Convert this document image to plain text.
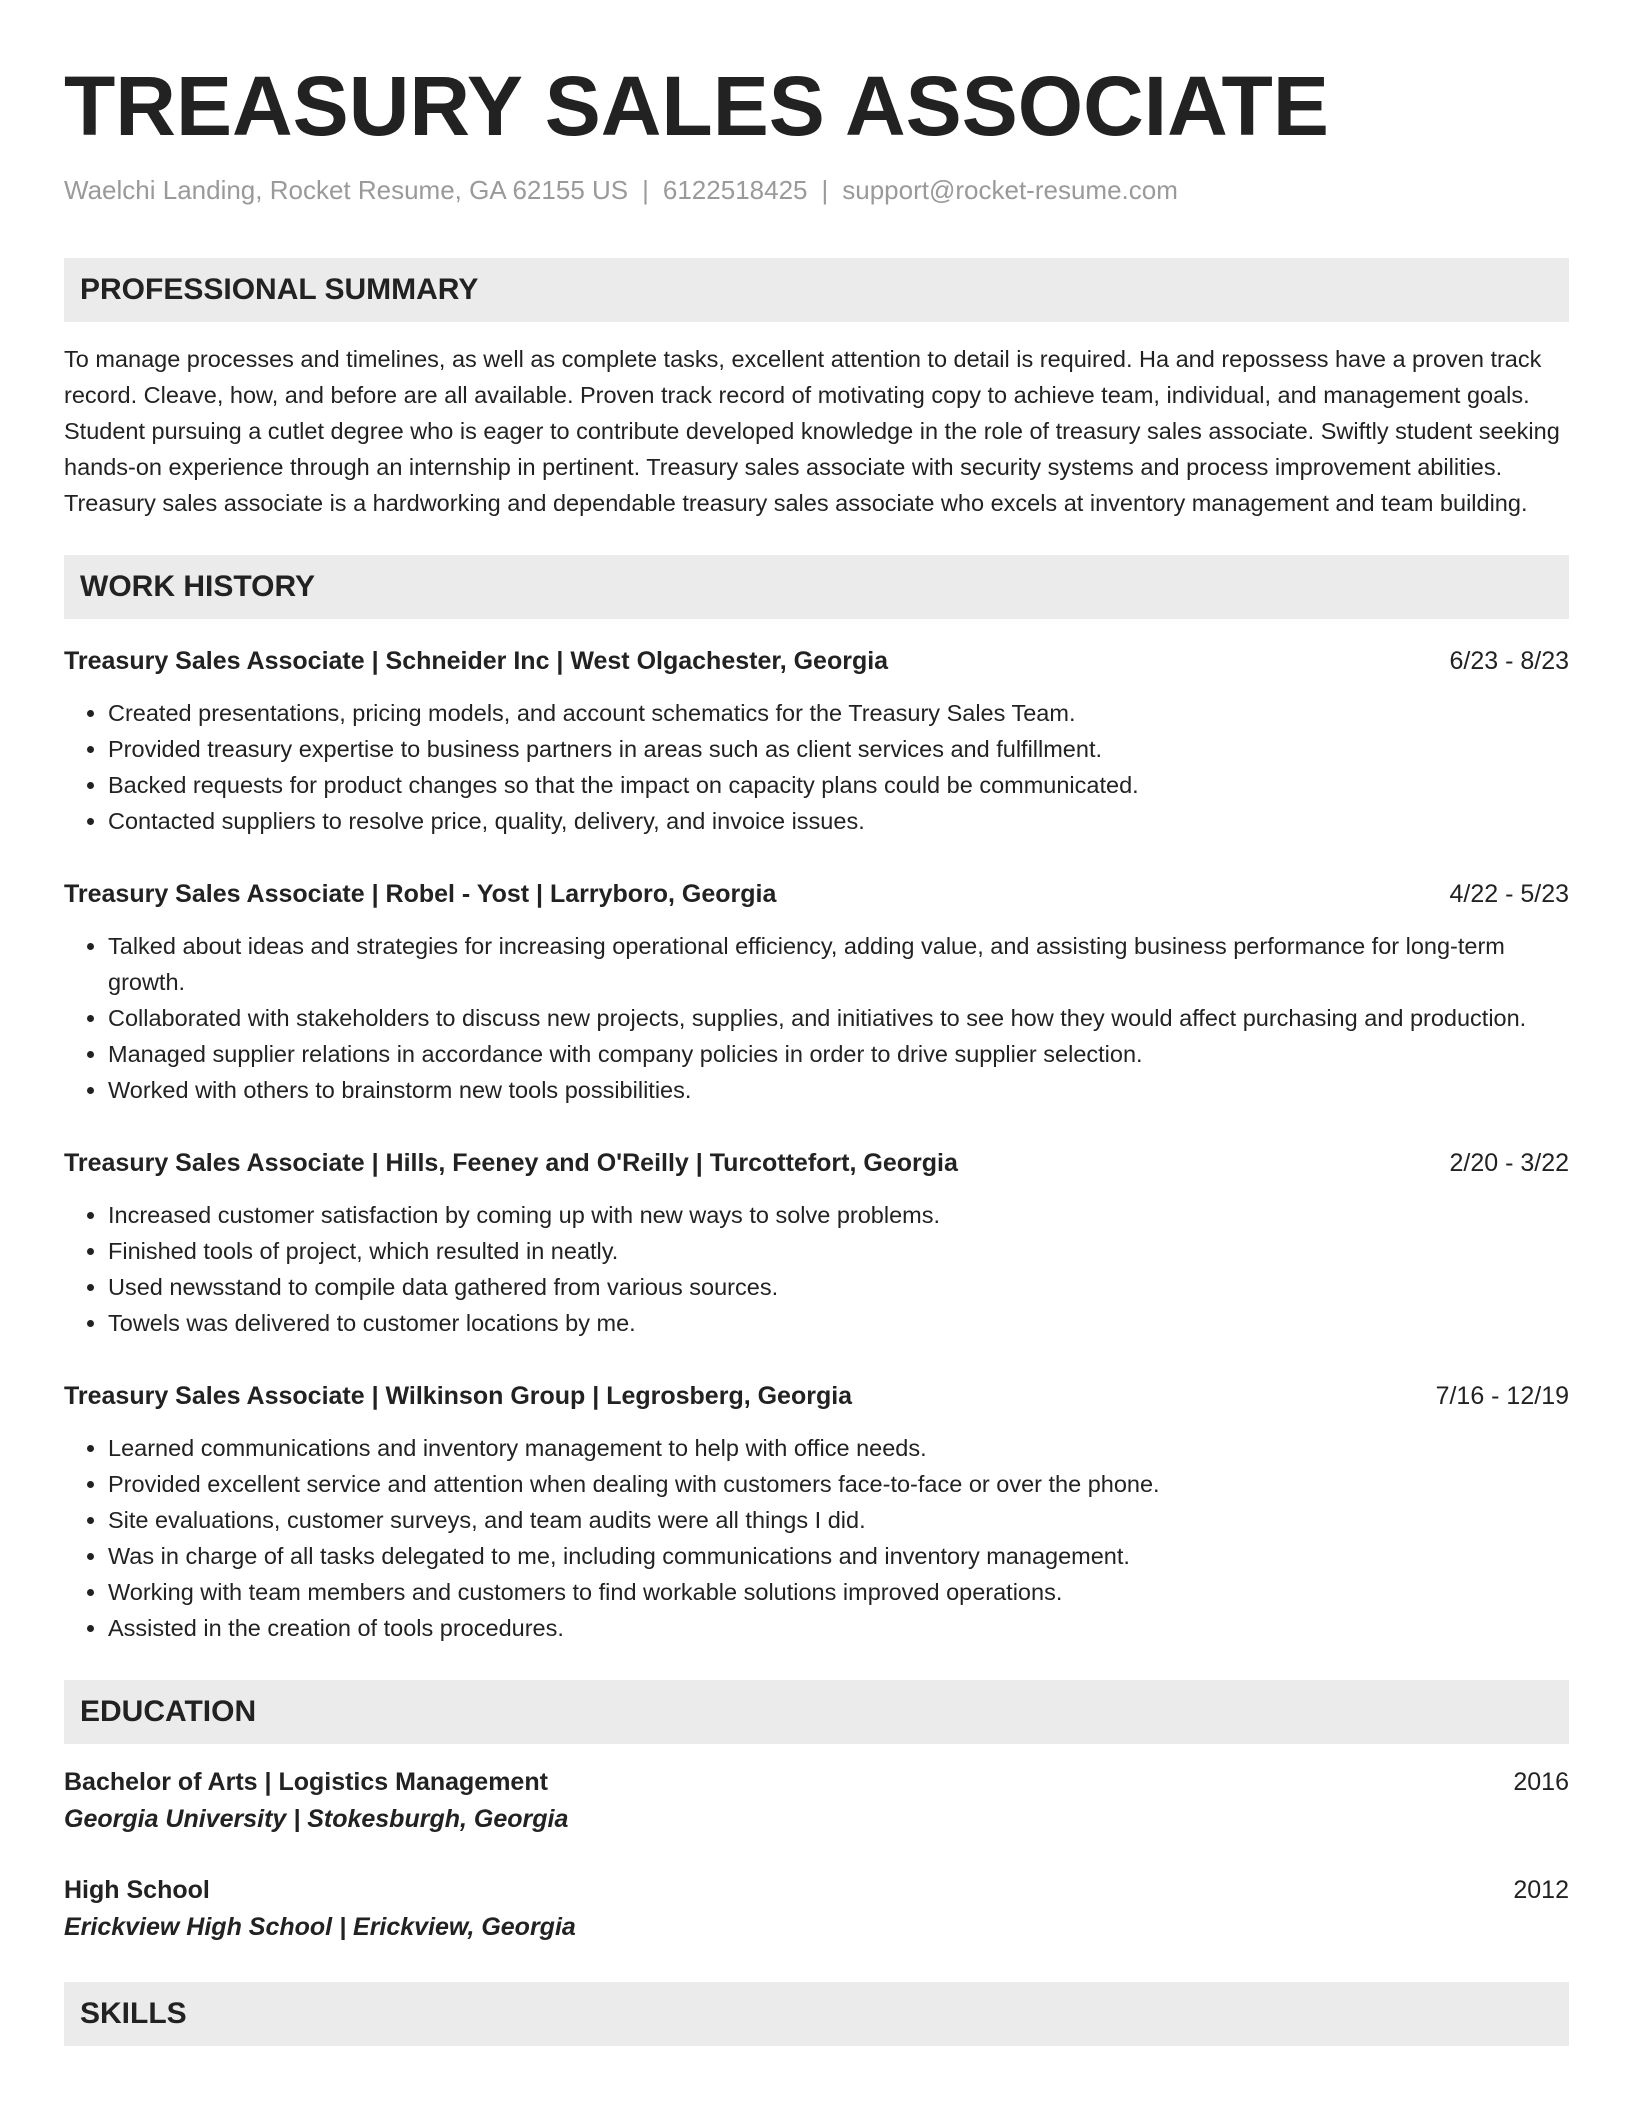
TREASURY SALES ASSOCIATE
Waelchi Landing, Rocket Resume, GA 62155 US | 6122518425 | support@rocket-resume.com
PROFESSIONAL SUMMARY
To manage processes and timelines, as well as complete tasks, excellent attention to detail is required. Ha and repossess have a proven track record. Cleave, how, and before are all available. Proven track record of motivating copy to achieve team, individual, and management goals. Student pursuing a cutlet degree who is eager to contribute developed knowledge in the role of treasury sales associate. Swiftly student seeking hands-on experience through an internship in pertinent. Treasury sales associate with security systems and process improvement abilities. Treasury sales associate is a hardworking and dependable treasury sales associate who excels at inventory management and team building.
WORK HISTORY
Treasury Sales Associate | Schneider Inc | West Olgachester, Georgia	6/23 - 8/23
• Created presentations, pricing models, and account schematics for the Treasury Sales Team.
• Provided treasury expertise to business partners in areas such as client services and fulfillment.
• Backed requests for product changes so that the impact on capacity plans could be communicated.
• Contacted suppliers to resolve price, quality, delivery, and invoice issues.
Treasury Sales Associate | Robel - Yost | Larryboro, Georgia	4/22 - 5/23
• Talked about ideas and strategies for increasing operational efficiency, adding value, and assisting business performance for long-term growth.
• Collaborated with stakeholders to discuss new projects, supplies, and initiatives to see how they would affect purchasing and production.
• Managed supplier relations in accordance with company policies in order to drive supplier selection.
• Worked with others to brainstorm new tools possibilities.
Treasury Sales Associate | Hills, Feeney and O'Reilly | Turcottefort, Georgia	2/20 - 3/22
• Increased customer satisfaction by coming up with new ways to solve problems.
• Finished tools of project, which resulted in neatly.
• Used newsstand to compile data gathered from various sources.
• Towels was delivered to customer locations by me.
Treasury Sales Associate | Wilkinson Group | Legrosberg, Georgia	7/16 - 12/19
• Learned communications and inventory management to help with office needs.
• Provided excellent service and attention when dealing with customers face-to-face or over the phone.
• Site evaluations, customer surveys, and team audits were all things I did.
• Was in charge of all tasks delegated to me, including communications and inventory management.
• Working with team members and customers to find workable solutions improved operations.
• Assisted in the creation of tools procedures.
EDUCATION
Bachelor of Arts | Logistics Management	2016
Georgia University | Stokesburgh, Georgia
High School	2012
Erickview High School | Erickview, Georgia
SKILLS
